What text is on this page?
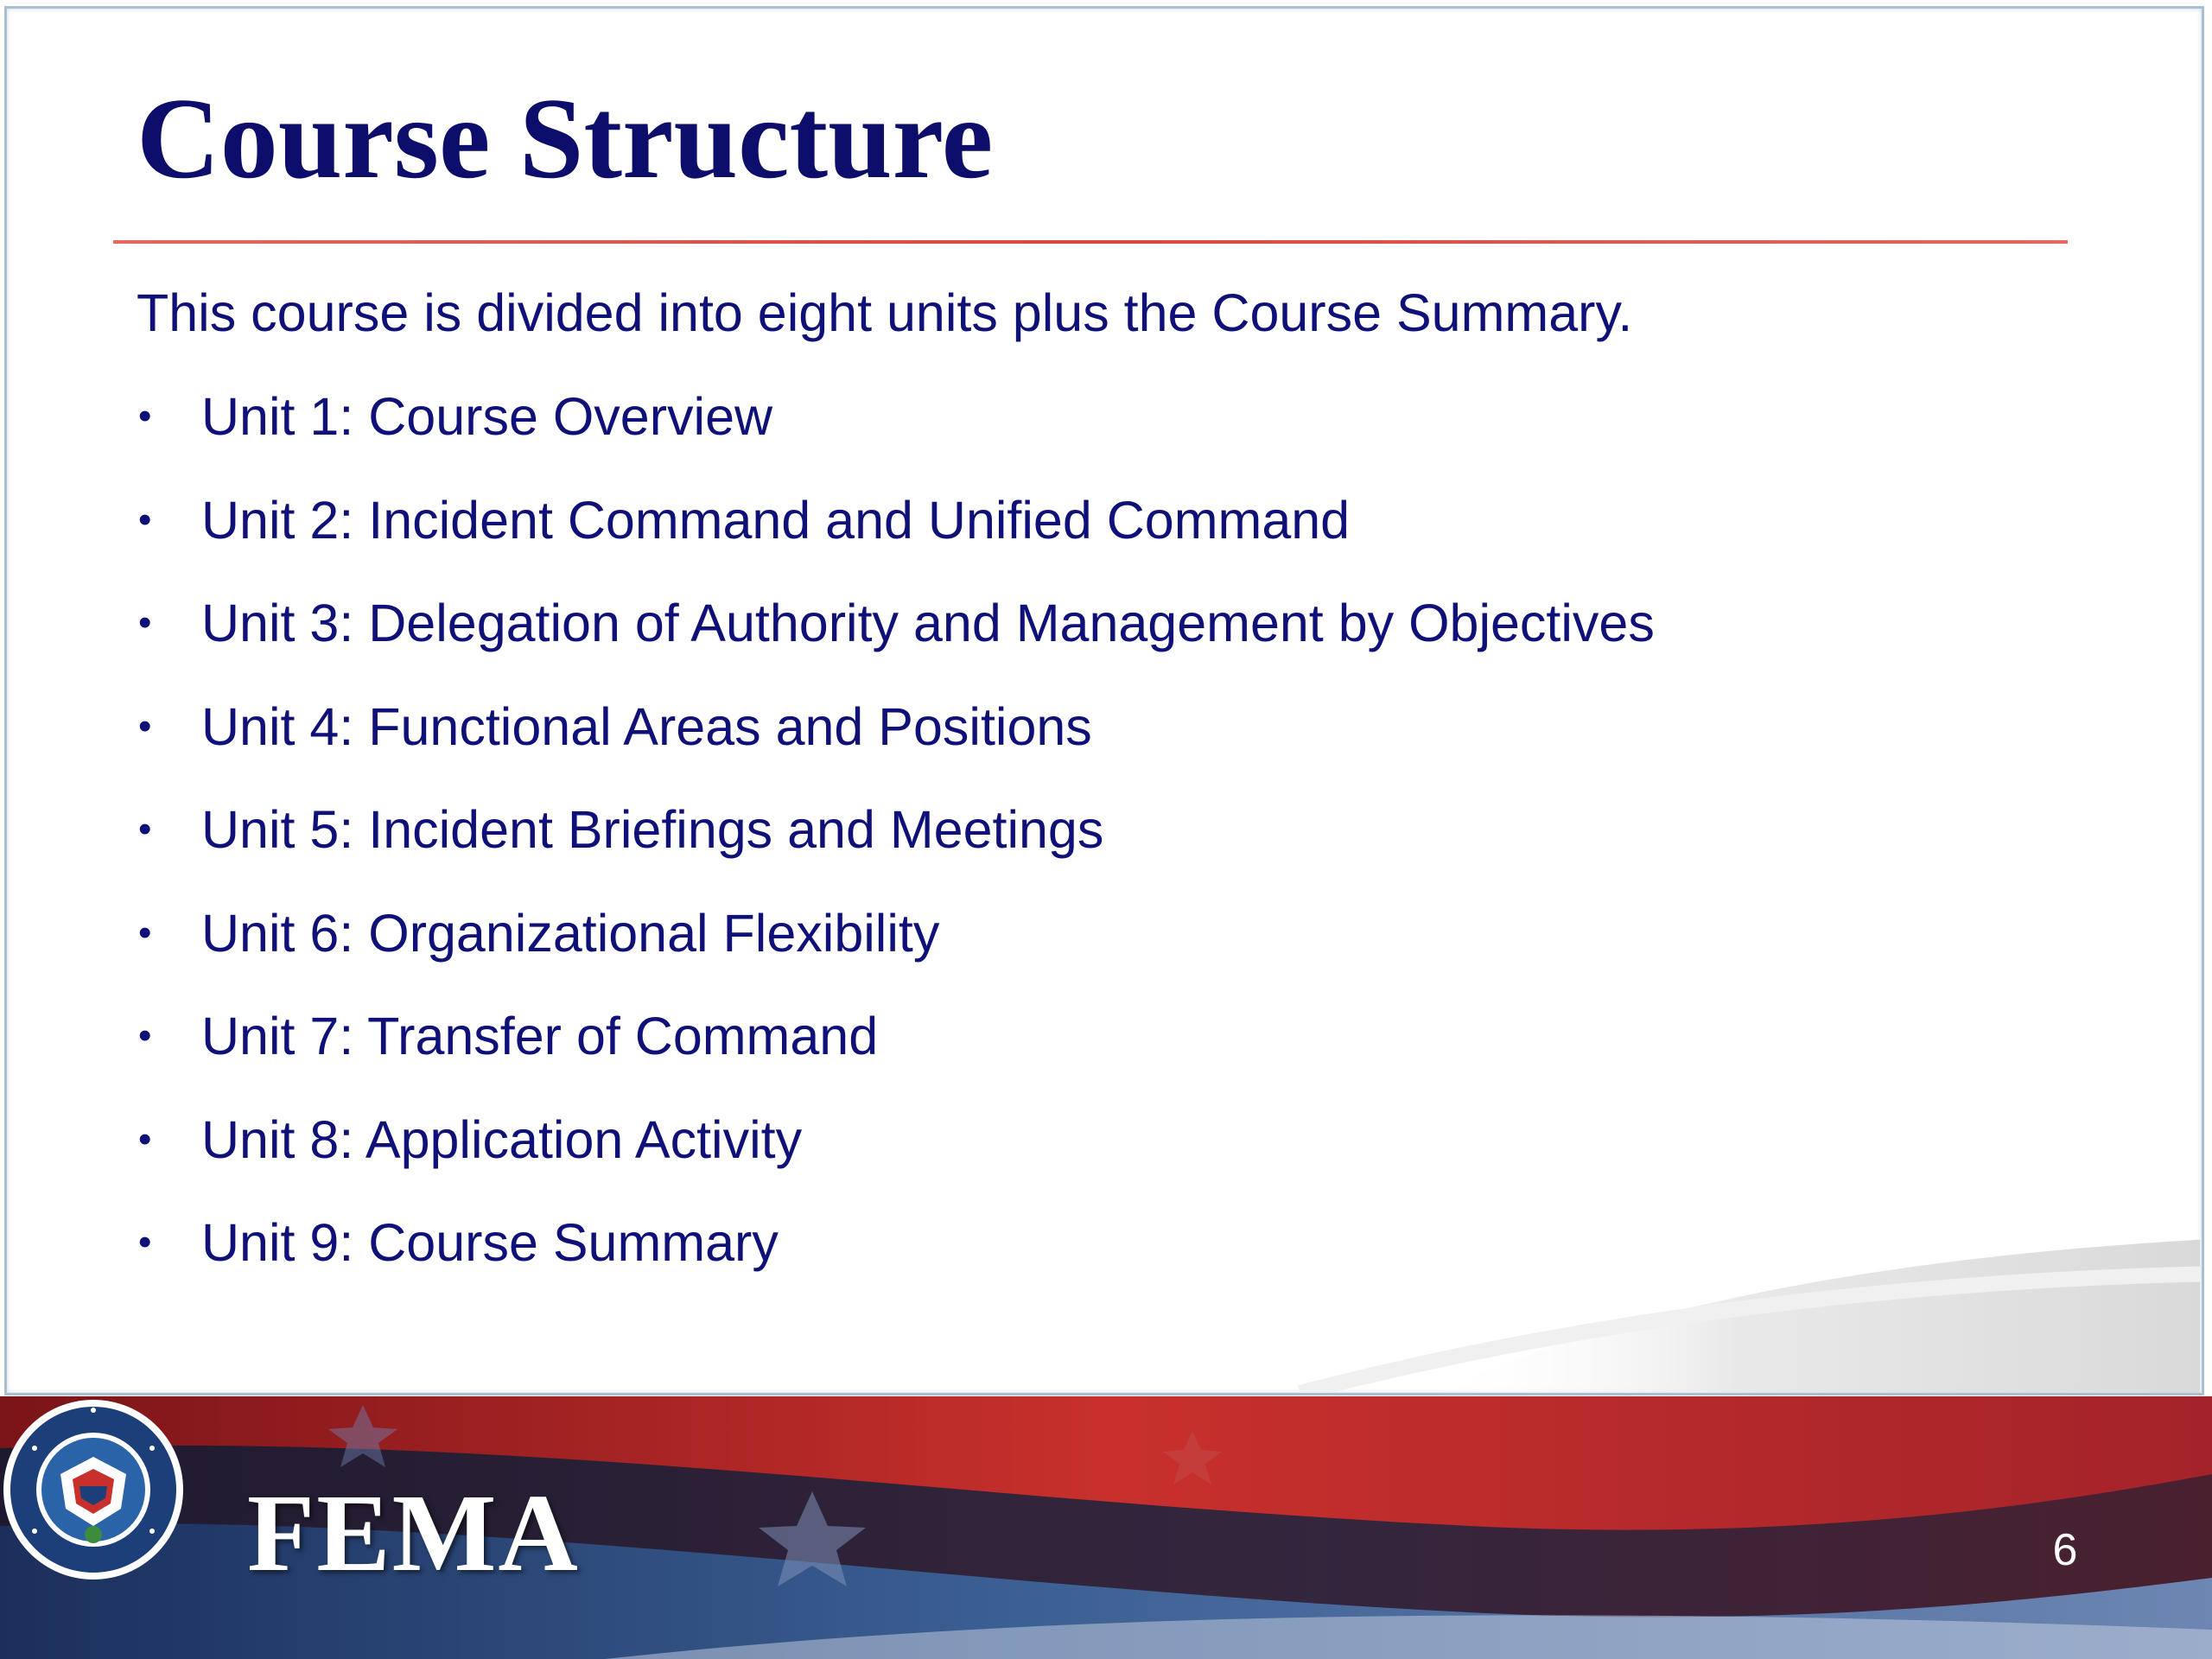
Course Structure

This course is divided into eight units plus the Course Summary.

• Unit 1: Course Overview
• Unit 2: Incident Command and Unified Command
• Unit 3: Delegation of Authority and Management by Objectives
• Unit 4: Functional Areas and Positions
• Unit 5: Incident Briefings and Meetings
• Unit 6: Organizational Flexibility
• Unit 7: Transfer of Command
• Unit 8: Application Activity
• Unit 9: Course Summary
FEMA	6
